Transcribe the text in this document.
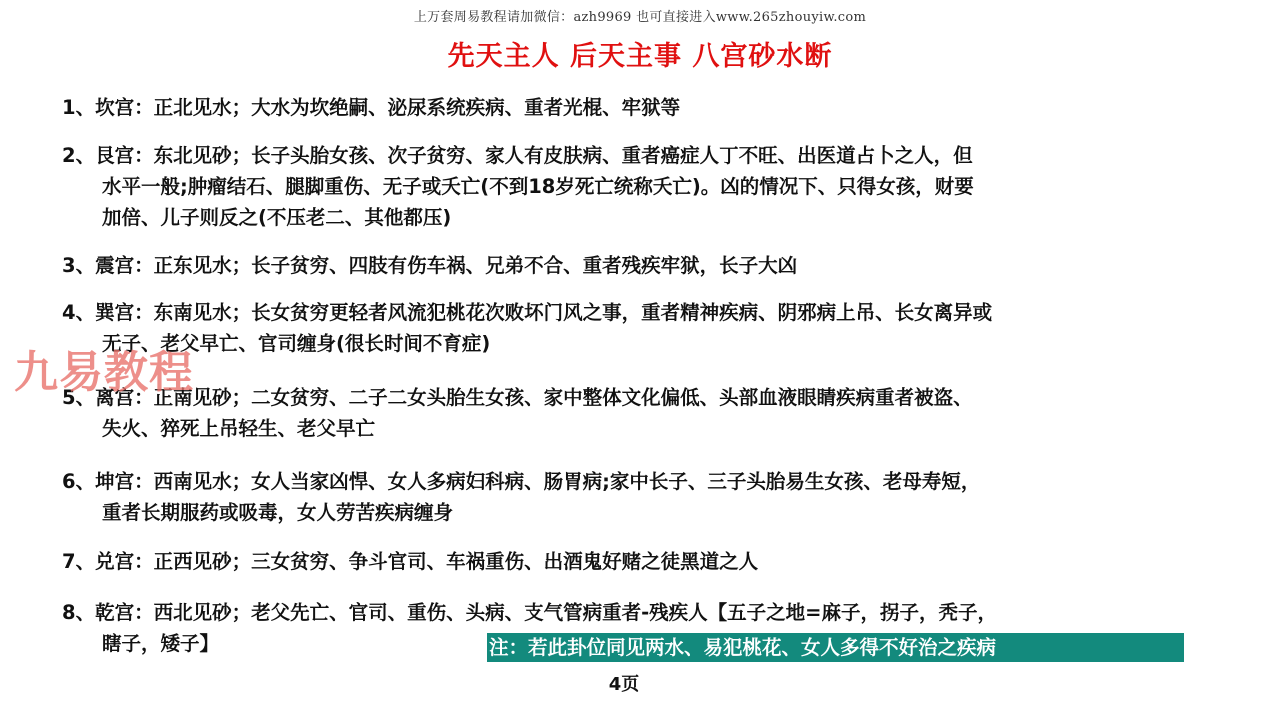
上万套周易教程请加微信：azh9969 也可直接进入www.265zhouyiw.com
先天主人 后天主事 八宫砂水断
1、坎宫：正北见水；大水为坎绝嗣、泌尿系统疾病、重者光棍、牢狱等
2、艮宫：东北见砂；长子头胎女孩、次子贫穷、家人有皮肤病、重者癌症人丁不旺、出医道占卜之人，但
水平一般;肿瘤结石、腿脚重伤、无子或夭亡(不到18岁死亡统称夭亡)。凶的情况下、只得女孩，财要
加倍、儿子则反之(不压老二、其他都压)
3、震宫：正东见水；长子贫穷、四肢有伤车祸、兄弟不合、重者残疾牢狱，长子大凶
4、巽宫：东南见水；长女贫穷更轻者风流犯桃花次败坏门风之事，重者精神疾病、阴邪病上吊、长女离异或
无子、老父早亡、官司缠身(很长时间不育症)
5、离宫：正南见砂；二女贫穷、二子二女头胎生女孩、家中整体文化偏低、头部血液眼睛疾病重者被盗、
失火、猝死上吊轻生、老父早亡
6、坤宫：西南见水；女人当家凶悍、女人多病妇科病、肠胃病;家中长子、三子头胎易生女孩、老母寿短，
重者长期服药或吸毒，女人劳苦疾病缠身
7、兑宫：正西见砂；三女贫穷、争斗官司、车祸重伤、出酒鬼好赌之徒黑道之人
8、乾宫：西北见砂；老父先亡、官司、重伤、头病、支气管病重者-残疾人【五子之地=麻子，拐子，秃子，
瞎子，矮子】	注：若此卦位同见两水、易犯桃花、女人多得不好治之疾病
九易教程
4页
